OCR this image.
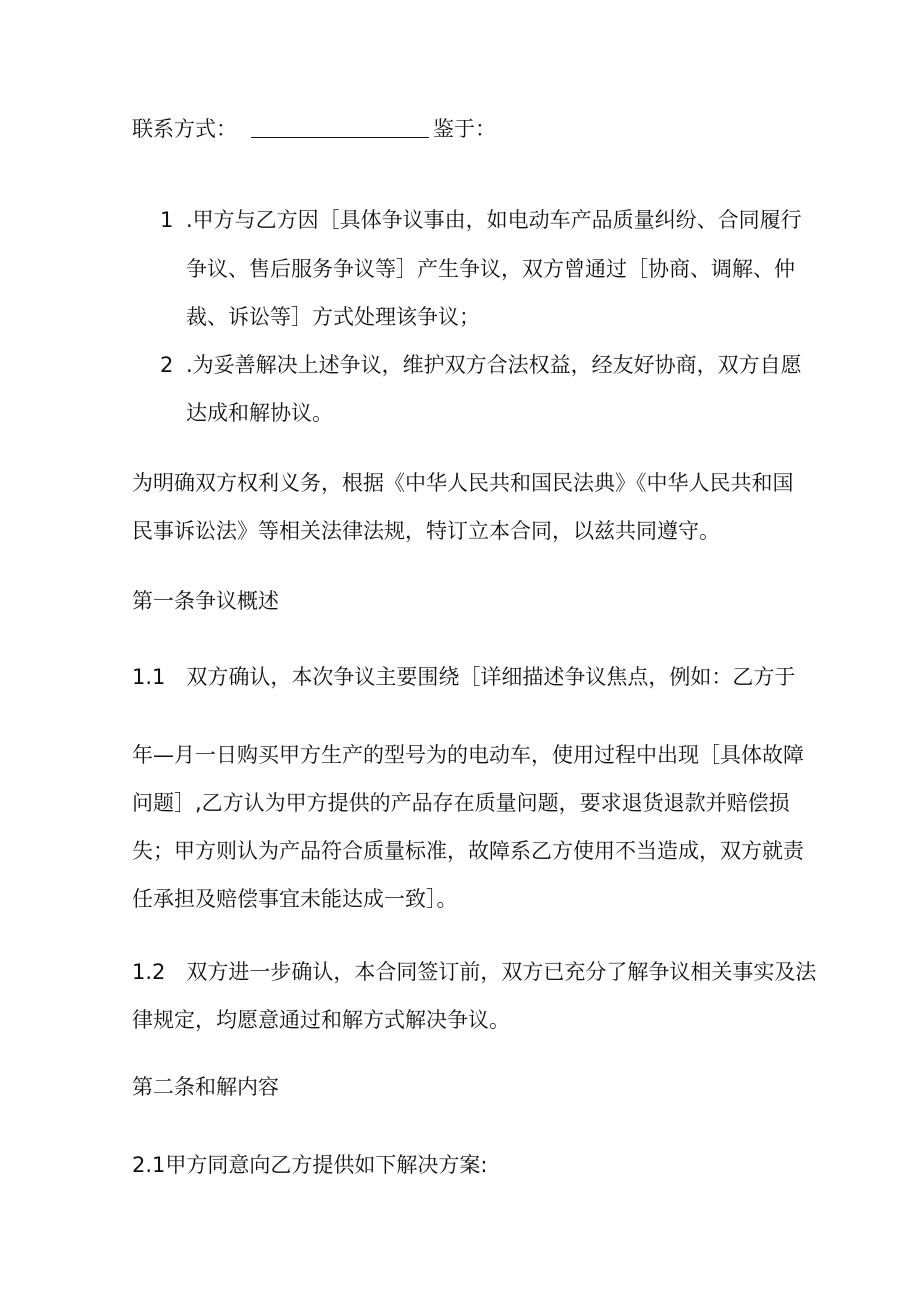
联系方式：	鉴于：
1 .甲方与乙方因［具体争议事由，如电动车产品质量纠纷、合同履行
争议、售后服务争议等］产生争议，双方曾通过［协商、调解、仲
裁、诉讼等］方式处理该争议；
2 .为妥善解决上述争议，维护双方合法权益，经友好协商，双方自愿
达成和解协议。
为明确双方权利义务，根据《中华人民共和国民法典》《中华人民共和国
民事诉讼法》等相关法律法规，特订立本合同，以兹共同遵守。
第一条争议概述
1.1　双方确认，本次争议主要围绕［详细描述争议焦点，例如：乙方于
年—月一日购买甲方生产的型号为的电动车，使用过程中出现［具体故障
问题］,乙方认为甲方提供的产品存在质量问题，要求退货退款并赔偿损
失；甲方则认为产品符合质量标准，故障系乙方使用不当造成，双方就责
任承担及赔偿事宜未能达成一致］。
1.2　双方进一步确认，本合同签订前，双方已充分了解争议相关事实及法
律规定，均愿意通过和解方式解决争议。
第二条和解内容
2.1甲方同意向乙方提供如下解决方案:
